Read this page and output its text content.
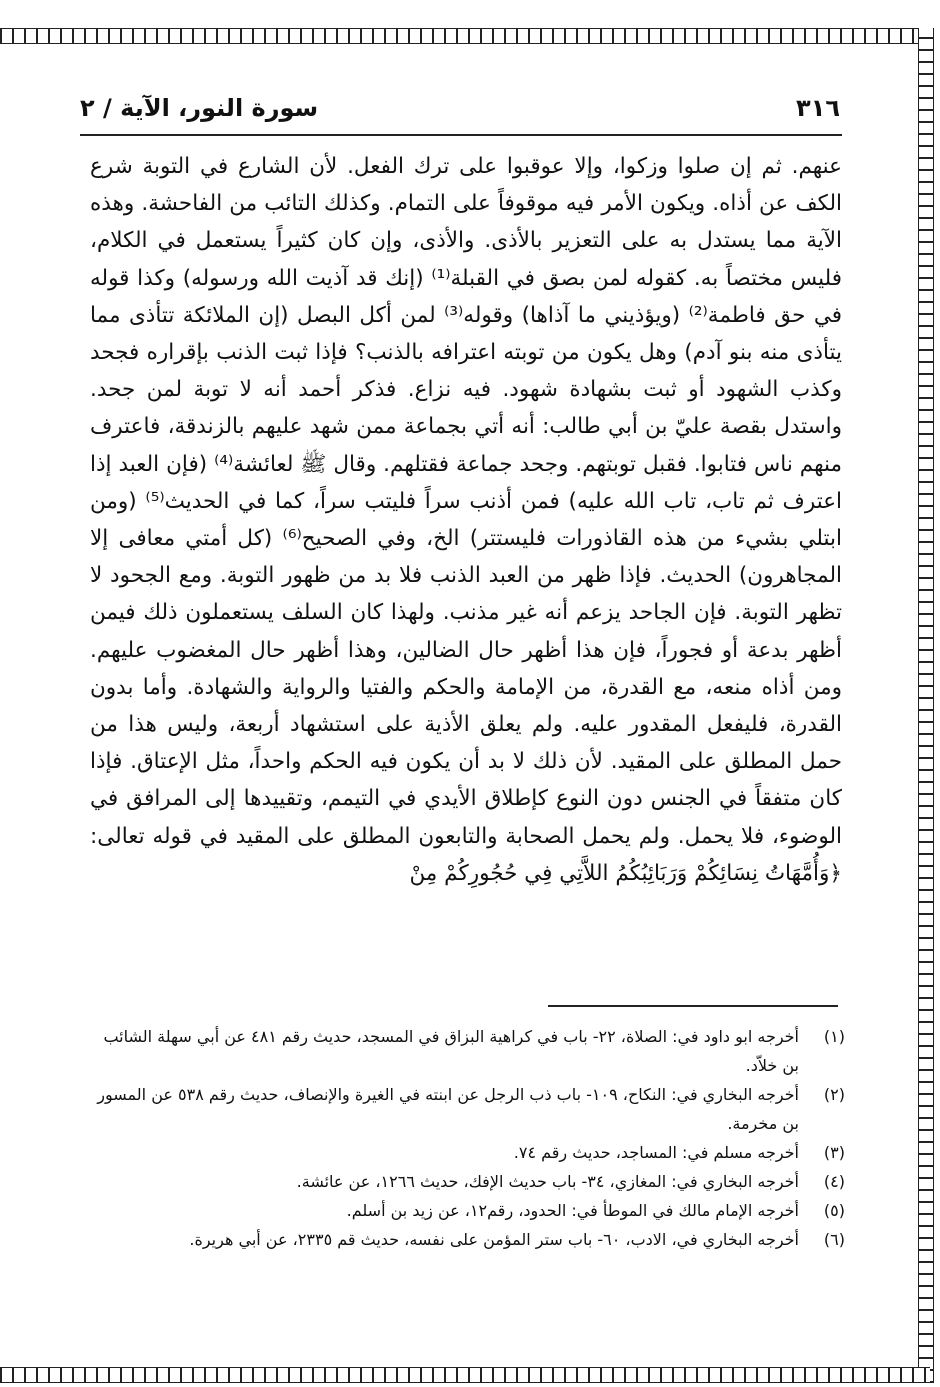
٣١٦
سورة النور، الآية / ٢

عنهم. ثم إن صلوا وزكوا، وإلا عوقبوا على ترك الفعل. لأن الشارع في التوبة شرع الكف عن أذاه. ويكون الأمر فيه موقوفاً على التمام. وكذلك التائب من الفاحشة. وهذه الآية مما يستدل به على التعزير بالأذى. والأذى، وإن كان كثيراً يستعمل في الكلام، فليس مختصاً به. كقوله لمن بصق في القبلة⁽¹⁾ (إنك قد آذيت الله ورسوله) وكذا قوله في حق فاطمة⁽²⁾ (ويؤذيني ما آذاها) وقوله⁽³⁾ لمن أكل البصل (إن الملائكة تتأذى مما يتأذى منه بنو آدم) وهل يكون من توبته اعترافه بالذنب؟ فإذا ثبت الذنب بإقراره فجحد وكذب الشهود أو ثبت بشهادة شهود. فيه نزاع. فذكر أحمد أنه لا توبة لمن جحد. واستدل بقصة عليّ بن أبي طالب: أنه أتي بجماعة ممن شهد عليهم بالزندقة، فاعترف منهم ناس فتابوا. فقبل توبتهم. وجحد جماعة فقتلهم. وقال ﷺ لعائشة⁽⁴⁾ (فإن العبد إذا اعترف ثم تاب، تاب الله عليه) فمن أذنب سراً فليتب سراً، كما في الحديث⁽⁵⁾ (ومن ابتلي بشيء من هذه القاذورات فليستتر) الخ، وفي الصحيح⁽⁶⁾ (كل أمتي معافى إلا المجاهرون) الحديث. فإذا ظهر من العبد الذنب فلا بد من ظهور التوبة. ومع الجحود لا تظهر التوبة. فإن الجاحد يزعم أنه غير مذنب. ولهذا كان السلف يستعملون ذلك فيمن أظهر بدعة أو فجوراً، فإن هذا أظهر حال الضالين، وهذا أظهر حال المغضوب عليهم. ومن أذاه منعه، مع القدرة، من الإمامة والحكم والفتيا والرواية والشهادة. وأما بدون القدرة، فليفعل المقدور عليه. ولم يعلق الأذية على استشهاد أربعة، وليس هذا من حمل المطلق على المقيد. لأن ذلك لا بد أن يكون فيه الحكم واحداً، مثل الإعتاق. فإذا كان متفقاً في الجنس دون النوع كإطلاق الأيدي في التيمم، وتقييدها إلى المرافق في الوضوء، فلا يحمل. ولم يحمل الصحابة والتابعون المطلق على المقيد في قوله تعالى: ﴿وَأُمَّهَاتُ نِسَائِكُمْ وَرَبَائِبُكُمُ اللاَّتِي فِي حُجُورِكُمْ مِنْ

(١)
أخرجه ابو داود في: الصلاة، ٢٢- باب في كراهية البزاق في المسجد، حديث رقم ٤٨١ عن أبي سهلة الشائب بن خلاّد.
(٢)
أخرجه البخاري في: النكاح، ١٠٩- باب ذب الرجل عن ابنته في الغيرة والإنصاف، حديث رقم ٥٣٨ عن المسور بن مخرمة.
(٣)
أخرجه مسلم في: المساجد، حديث رقم ٧٤.
(٤)
أخرجه البخاري في: المغازي، ٣٤- باب حديث الإفك، حديث ١٢٦٦، عن عائشة.
(٥)
أخرجه الإمام مالك في الموطأ في: الحدود، رقم١٢، عن زيد بن أسلم.
(٦)
أخرجه البخاري في، الادب، ٦٠- باب ستر المؤمن على نفسه، حديث قم ٢٣٣٥، عن أبي هريرة.
